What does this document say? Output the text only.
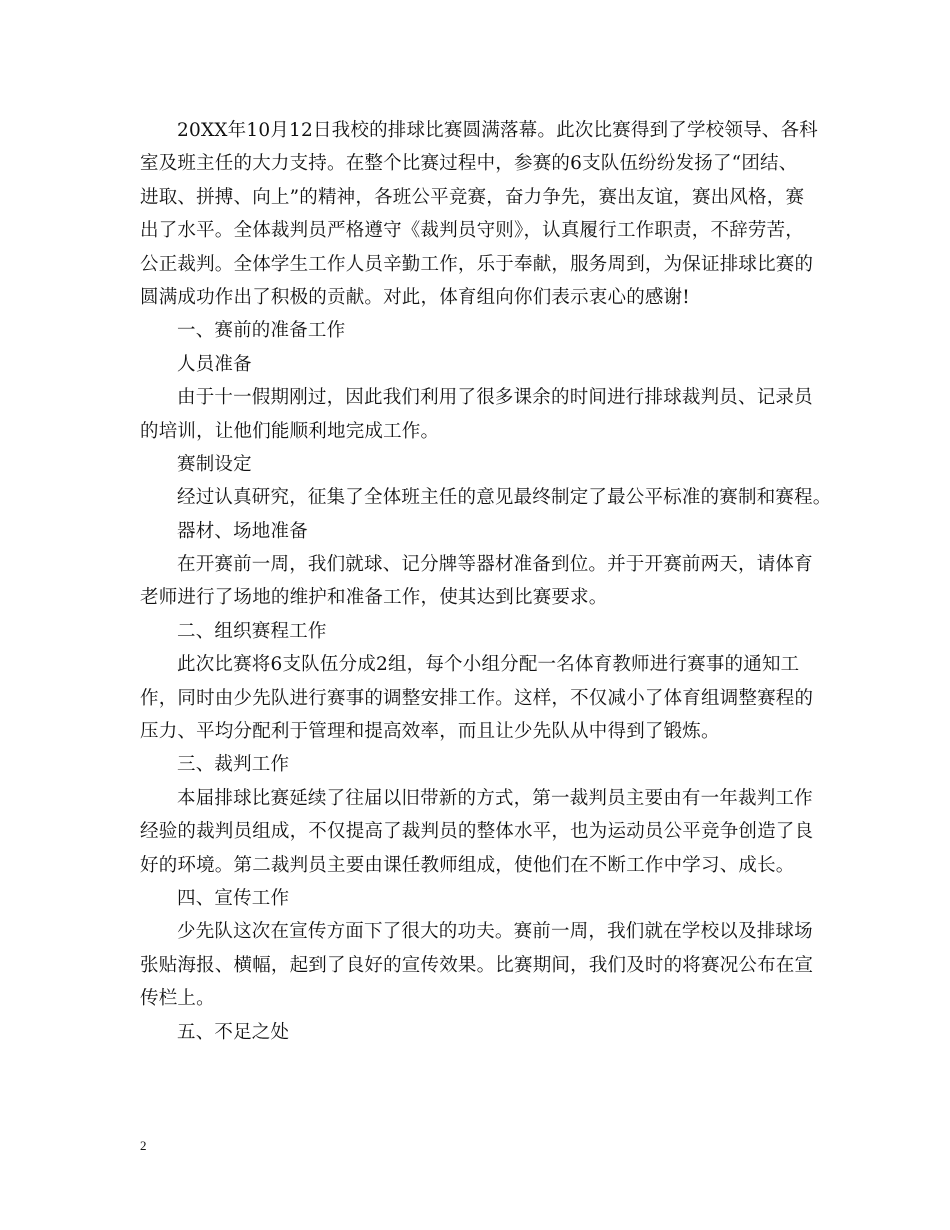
20XX年10月12日我校的排球比赛圆满落幕。此次比赛得到了学校领导、各科
室及班主任的大力支持。在整个比赛过程中，参赛的6支队伍纷纷发扬了“团结、
进取、拼搏、向上”的精神，各班公平竞赛，奋力争先，赛出友谊，赛出风格，赛
出了水平。全体裁判员严格遵守《裁判员守则》，认真履行工作职责，不辞劳苦，
公正裁判。全体学生工作人员辛勤工作，乐于奉献，服务周到，为保证排球比赛的
圆满成功作出了积极的贡献。对此，体育组向你们表示衷心的感谢!
一、赛前的准备工作
人员准备
由于十一假期刚过，因此我们利用了很多课余的时间进行排球裁判员、记录员
的培训，让他们能顺利地完成工作。
赛制设定
经过认真研究，征集了全体班主任的意见最终制定了最公平标准的赛制和赛程。
器材、场地准备
在开赛前一周，我们就球、记分牌等器材准备到位。并于开赛前两天，请体育
老师进行了场地的维护和准备工作，使其达到比赛要求。
二、组织赛程工作
此次比赛将6支队伍分成2组，每个小组分配一名体育教师进行赛事的通知工
作，同时由少先队进行赛事的调整安排工作。这样，不仅减小了体育组调整赛程的
压力、平均分配利于管理和提高效率，而且让少先队从中得到了锻炼。
三、裁判工作
本届排球比赛延续了往届以旧带新的方式，第一裁判员主要由有一年裁判工作
经验的裁判员组成，不仅提高了裁判员的整体水平，也为运动员公平竞争创造了良
好的环境。第二裁判员主要由课任教师组成，使他们在不断工作中学习、成长。
四、宣传工作
少先队这次在宣传方面下了很大的功夫。赛前一周，我们就在学校以及排球场
张贴海报、横幅，起到了良好的宣传效果。比赛期间，我们及时的将赛况公布在宣
传栏上。
五、不足之处
2
